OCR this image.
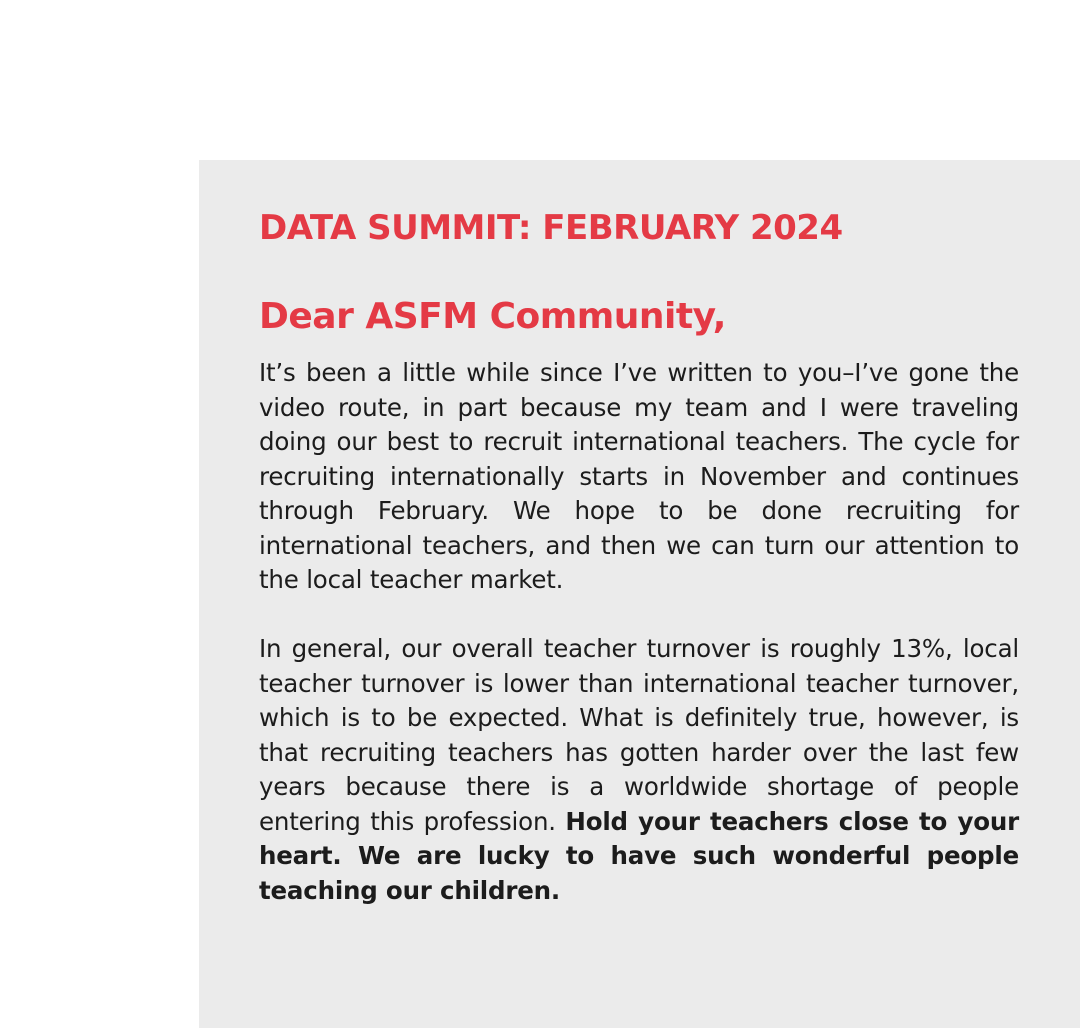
DATA SUMMIT: FEBRUARY 2024
Dear ASFM Community,

It’s been a little while since I’ve written to you–I’ve gone the video route, in part because my team and I were traveling doing our best to recruit international teachers. The cycle for recruiting internationally starts in November and continues through February. We hope to be done recruiting for international teachers, and then we can turn our attention to the local teacher market.

In general, our overall teacher turnover is roughly 13%, local teacher turnover is lower than international teacher turnover, which is to be expected. What is definitely true, however, is that recruiting teachers has gotten harder over the last few years because there is a worldwide shortage of people entering this profession. Hold your teachers close to your heart. We are lucky to have such wonderful people teaching our children.
